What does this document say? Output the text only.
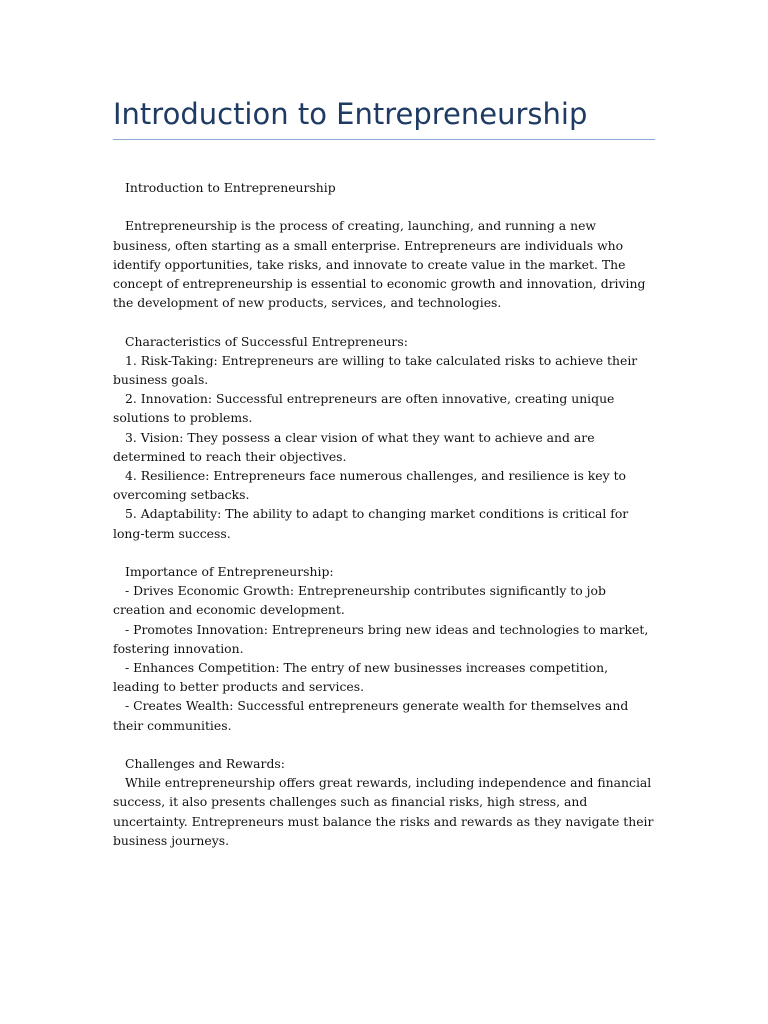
Introduction to Entrepreneurship

Introduction to Entrepreneurship

Entrepreneurship is the process of creating, launching, and running a new business, often starting as a small enterprise. Entrepreneurs are individuals who identify opportunities, take risks, and innovate to create value in the market. The concept of entrepreneurship is essential to economic growth and innovation, driving the development of new products, services, and technologies.

Characteristics of Successful Entrepreneurs:

1. Risk-Taking: Entrepreneurs are willing to take calculated risks to achieve their business goals.

2. Innovation: Successful entrepreneurs are often innovative, creating unique solutions to problems.

3. Vision: They possess a clear vision of what they want to achieve and are determined to reach their objectives.

4. Resilience: Entrepreneurs face numerous challenges, and resilience is key to overcoming setbacks.

5. Adaptability: The ability to adapt to changing market conditions is critical for long-term success.

Importance of Entrepreneurship:

- Drives Economic Growth: Entrepreneurship contributes significantly to job creation and economic development.

- Promotes Innovation: Entrepreneurs bring new ideas and technologies to market, fostering innovation.

- Enhances Competition: The entry of new businesses increases competition, leading to better products and services.

- Creates Wealth: Successful entrepreneurs generate wealth for themselves and their communities.

Challenges and Rewards:

While entrepreneurship offers great rewards, including independence and financial success, it also presents challenges such as financial risks, high stress, and uncertainty. Entrepreneurs must balance the risks and rewards as they navigate their business journeys.
